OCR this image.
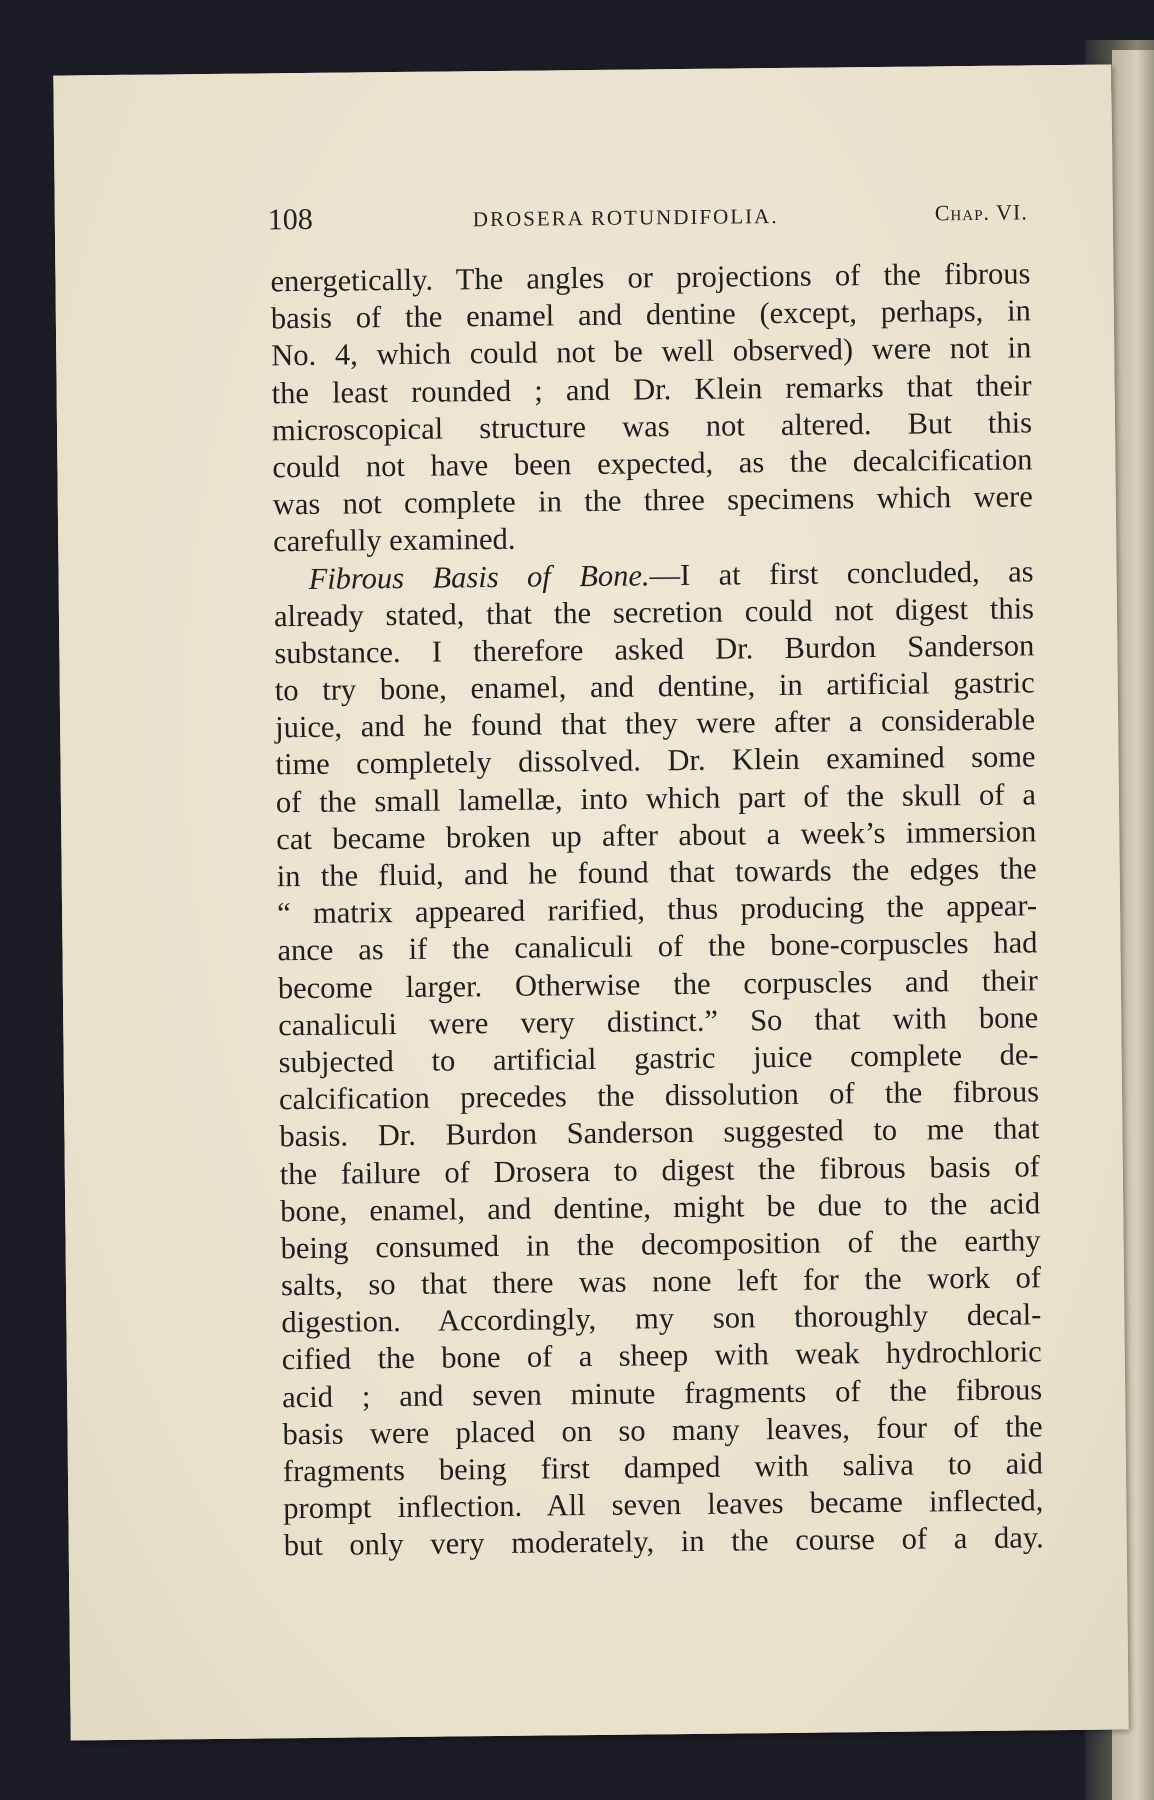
108	DROSERA ROTUNDIFOLIA.	Chap. VI.
energetically. The angles or projections of the fibrous
basis of the enamel and dentine (except, perhaps, in
No. 4, which could not be well observed) were not in
the least rounded ; and Dr. Klein remarks that their
microscopical structure was not altered. But this
could not have been expected, as the decalcification
was not complete in the three specimens which were
carefully examined.
Fibrous Basis of Bone.—I at first concluded, as
already stated, that the secretion could not digest this
substance. I therefore asked Dr. Burdon Sanderson
to try bone, enamel, and dentine, in artificial gastric
juice, and he found that they were after a considerable
time completely dissolved. Dr. Klein examined some
of the small lamellæ, into which part of the skull of a
cat became broken up after about a week’s immersion
in the fluid, and he found that towards the edges the
“ matrix appeared rarified, thus producing the appear-
ance as if the canaliculi of the bone-corpuscles had
become larger. Otherwise the corpuscles and their
canaliculi were very distinct.” So that with bone
subjected to artificial gastric juice complete de-
calcification precedes the dissolution of the fibrous
basis. Dr. Burdon Sanderson suggested to me that
the failure of Drosera to digest the fibrous basis of
bone, enamel, and dentine, might be due to the acid
being consumed in the decomposition of the earthy
salts, so that there was none left for the work of
digestion. Accordingly, my son thoroughly decal-
cified the bone of a sheep with weak hydrochloric
acid ; and seven minute fragments of the fibrous
basis were placed on so many leaves, four of the
fragments being first damped with saliva to aid
prompt inflection. All seven leaves became inflected,
but only very moderately, in the course of a day.
